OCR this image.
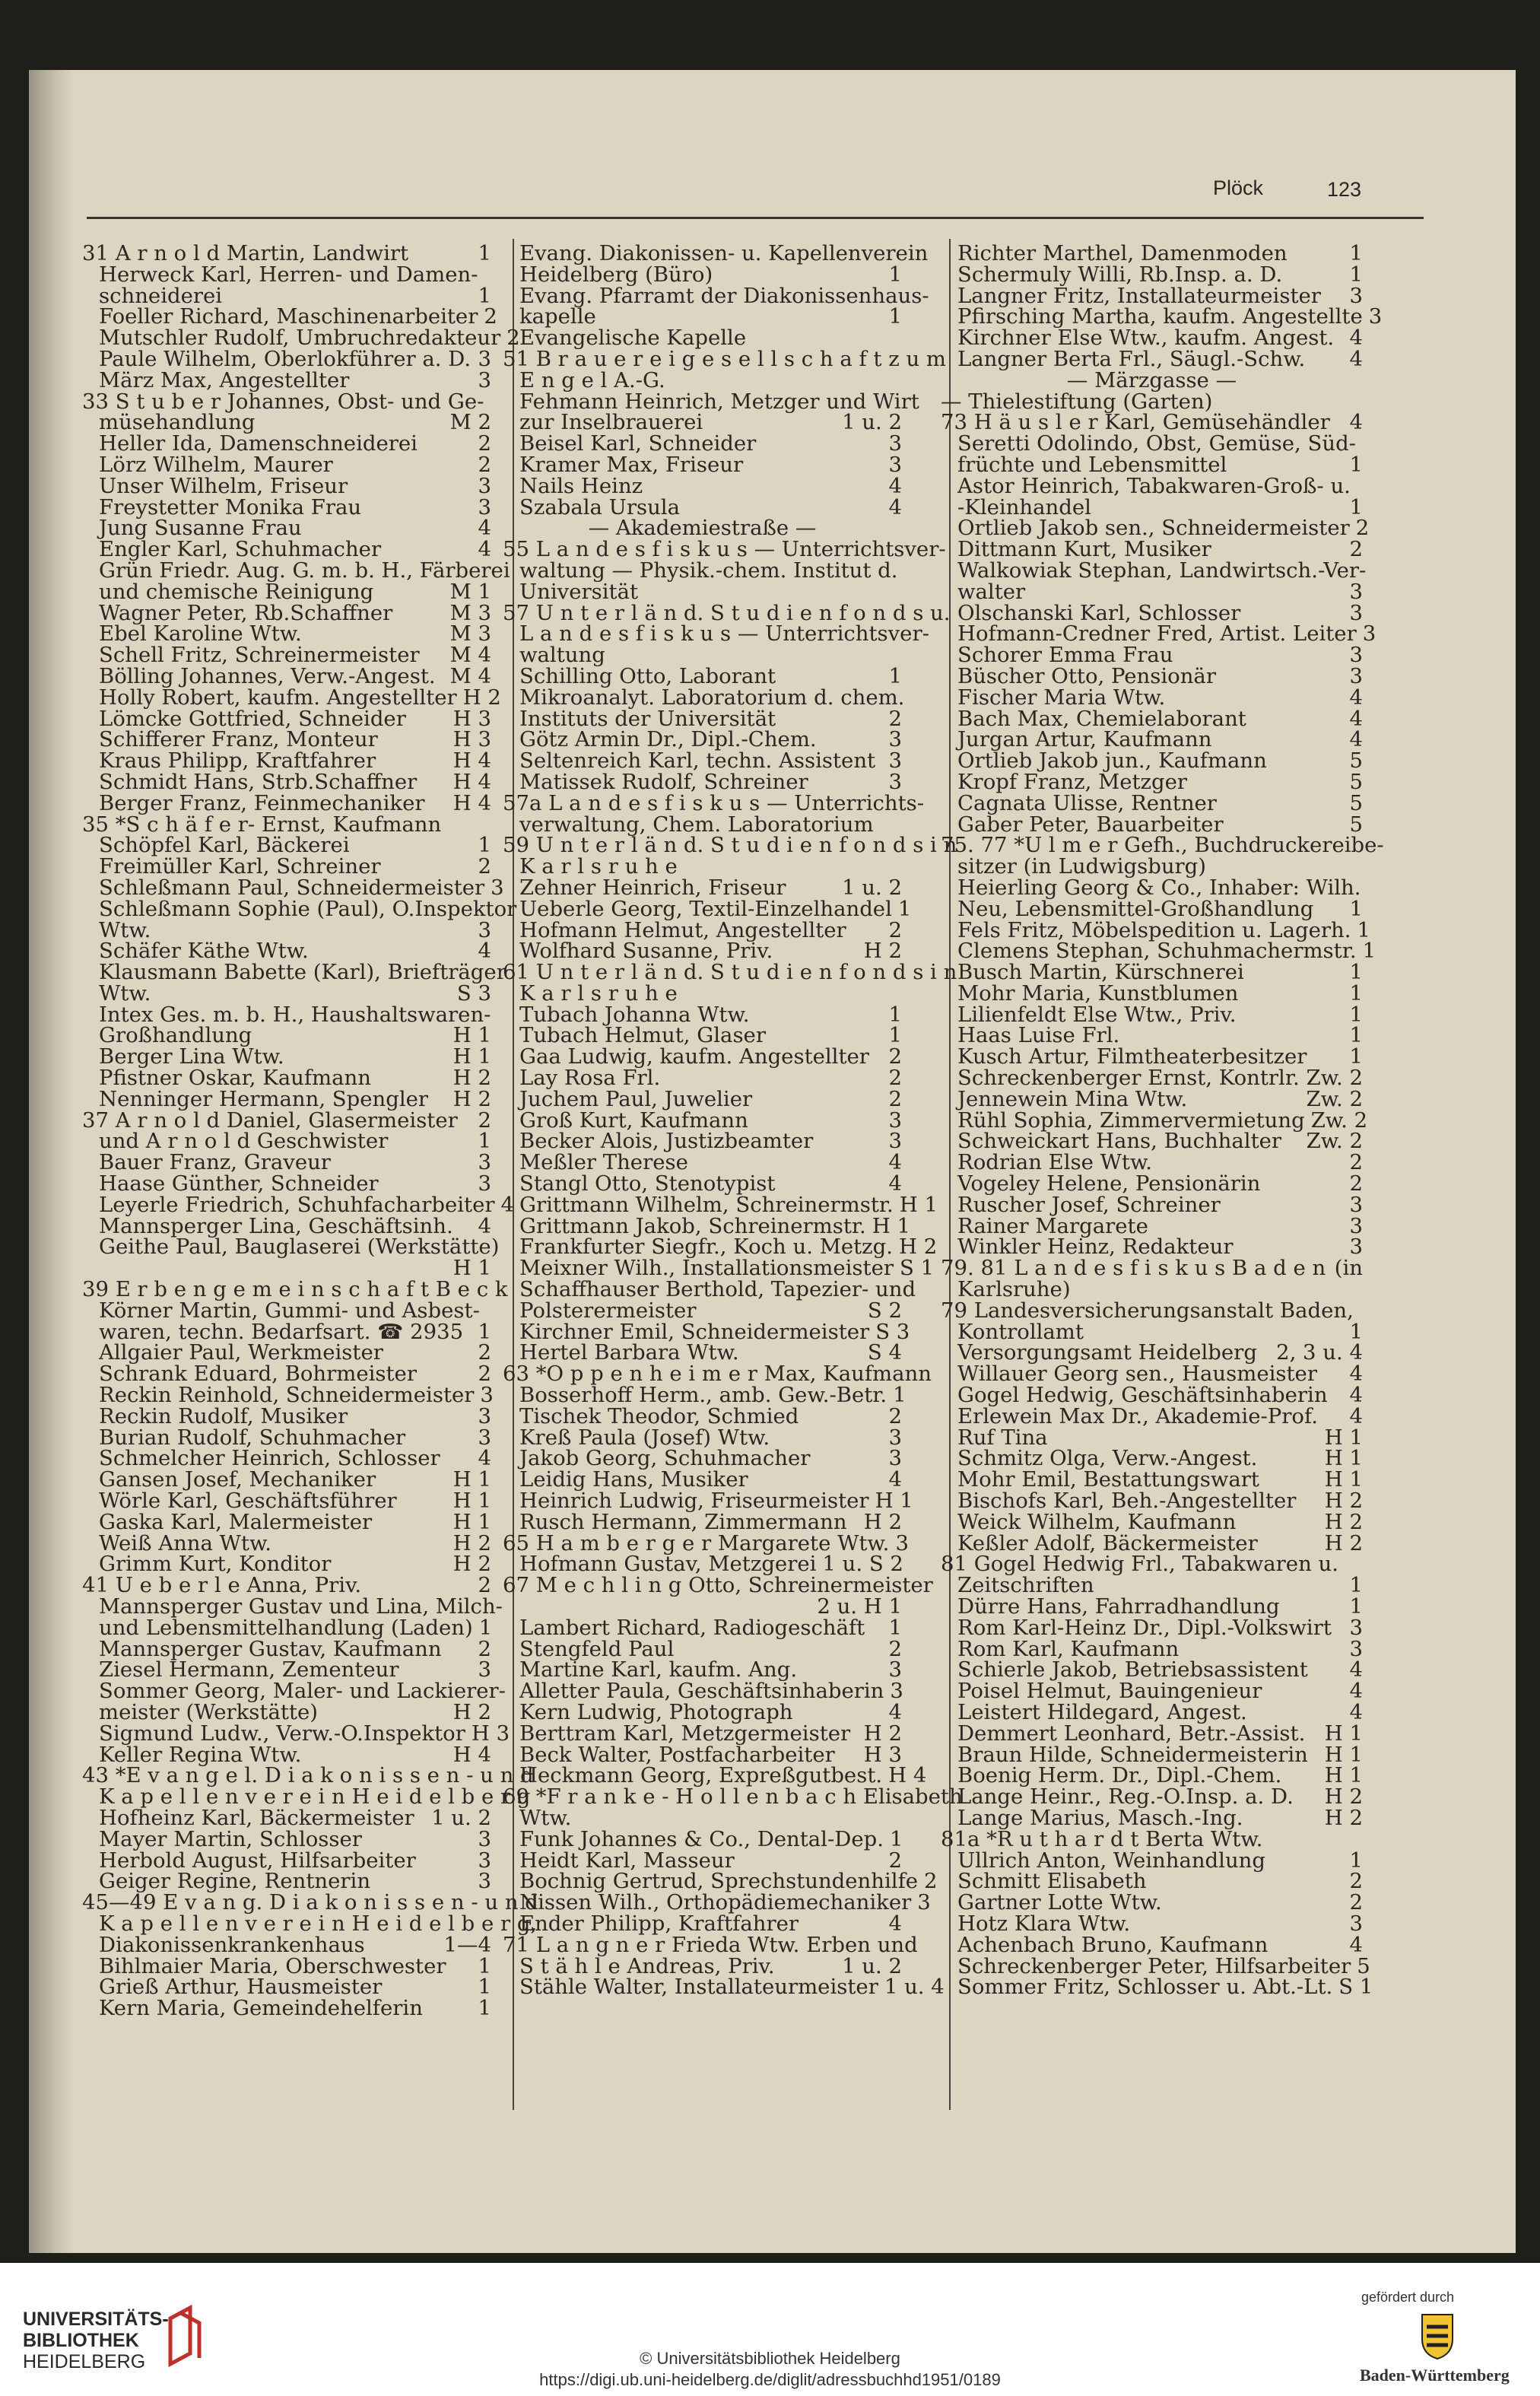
Plöck	123
31 A r n o l d Martin, Landwirt	1
Herweck Karl, Herren- und Damen-
schneiderei	1
Foeller Richard, Maschinenarbeiter 2
Mutschler Rudolf, Umbruchredakteur 2
Paule Wilhelm, Oberlokführer a. D. 3
März Max, Angestellter	3
33 S t u b e r Johannes, Obst- und Ge-
müsehandlung	M 2
Heller Ida, Damenschneiderei	2
Lörz Wilhelm, Maurer	2
Unser Wilhelm, Friseur	3
Freystetter Monika Frau	3
Jung Susanne Frau	4
Engler Karl, Schuhmacher	4
Grün Friedr. Aug. G. m. b. H., Färberei
und chemische Reinigung	M 1
Wagner Peter, Rb.Schaffner	M 3
Ebel Karoline Wtw.	M 3
Schell Fritz, Schreinermeister	M 4
Bölling Johannes, Verw.-Angest. M 4
Holly Robert, kaufm. Angestellter H 2
Lömcke Gottfried, Schneider	H 3
Schifferer Franz, Monteur	H 3
Kraus Philipp, Kraftfahrer	H 4
Schmidt Hans, Strb.Schaffner	H 4
Berger Franz, Feinmechaniker	H 4
35 *S c h ä f e r- Ernst, Kaufmann
Schöpfel Karl, Bäckerei	1
Freimüller Karl, Schreiner	2
Schleßmann Paul, Schneidermeister 3
Schleßmann Sophie (Paul), O.Inspektor
Wtw.	3
Schäfer Käthe Wtw.	4
Klausmann Babette (Karl), Briefträger
Wtw.	S 3
Intex Ges. m. b. H., Haushaltswaren-
Großhandlung	H 1
Berger Lina Wtw.	H 1
Pfistner Oskar, Kaufmann	H 2
Nenninger Hermann, Spengler	H 2
37 A r n o l d Daniel, Glasermeister 2
und A r n o l d Geschwister	1
Bauer Franz, Graveur	3
Haase Günther, Schneider	3
Leyerle Friedrich, Schuhfacharbeiter 4
Mannsperger Lina, Geschäftsinh.	4
Geithe Paul, Bauglaserei (Werkstätte)
H 1
39 E r b e n g e m e i n s c h a f t B e c k
Körner Martin, Gummi- und Asbest-
waren, techn. Bedarfsart. ☎ 2935 1
Allgaier Paul, Werkmeister	2
Schrank Eduard, Bohrmeister	2
Reckin Reinhold, Schneidermeister 3
Reckin Rudolf, Musiker	3
Burian Rudolf, Schuhmacher	3
Schmelcher Heinrich, Schlosser	4
Gansen Josef, Mechaniker	H 1
Wörle Karl, Geschäftsführer	H 1
Gaska Karl, Malermeister	H 1
Weiß Anna Wtw.	H 2
Grimm Kurt, Konditor	H 2
41 U e b e r l e Anna, Priv.	2
Mannsperger Gustav und Lina, Milch-
und Lebensmittelhandlung (Laden) 1
Mannsperger Gustav, Kaufmann	2
Ziesel Hermann, Zementeur	3
Sommer Georg, Maler- und Lackierer-
meister (Werkstätte)	H 2
Sigmund Ludw., Verw.-O.Inspektor H 3
Keller Regina Wtw.	H 4
43 *E v a n g e l. D i a k o n i s s e n - u n d
K a p e l l e n v e r e i n H e i d e l b e r g
Hofheinz Karl, Bäckermeister 1 u. 2
Mayer Martin, Schlosser	3
Herbold August, Hilfsarbeiter	3
Geiger Regine, Rentnerin	3
45—49 E v a n g. D i a k o n i s s e n - u n d
K a p e l l e n v e r e i n H e i d e l b e r g,
Diakonissenkrankenhaus	1—4
Bihlmaier Maria, Oberschwester	1
Grieß Arthur, Hausmeister	1
Kern Maria, Gemeindehelferin	1
Evang. Diakonissen- u. Kapellenverein
Heidelberg (Büro)	1
Evang. Pfarramt der Diakonissenhaus-
kapelle	1
Evangelische Kapelle
51 B r a u e r e i g e s e l l s c h a f t z u m
E n g e l A.-G.
Fehmann Heinrich, Metzger und Wirt
zur Inselbrauerei	1 u. 2
Beisel Karl, Schneider	3
Kramer Max, Friseur	3
Nails Heinz	4
Szabala Ursula	4
— Akademiestraße —
55 L a n d e s f i s k u s — Unterrichtsver-
waltung — Physik.-chem. Institut d.
Universität
57 U n t e r l ä n d. S t u d i e n f o n d s u.
L a n d e s f i s k u s — Unterrichtsver-
waltung
Schilling Otto, Laborant	1
Mikroanalyt. Laboratorium d. chem.
Instituts der Universität	2
Götz Armin Dr., Dipl.-Chem.	3
Seltenreich Karl, techn. Assistent 3
Matissek Rudolf, Schreiner	3
57a L a n d e s f i s k u s — Unterrichts-
verwaltung, Chem. Laboratorium
59 U n t e r l ä n d. S t u d i e n f o n d s i n
K a r l s r u h e
Zehner Heinrich, Friseur	1 u. 2
Ueberle Georg, Textil-Einzelhandel 1
Hofmann Helmut, Angestellter	2
Wolfhard Susanne, Priv.	H 2
61 U n t e r l ä n d. S t u d i e n f o n d s i n
K a r l s r u h e
Tubach Johanna Wtw.	1
Tubach Helmut, Glaser	1
Gaa Ludwig, kaufm. Angestellter 2
Lay Rosa Frl.	2
Juchem Paul, Juwelier	2
Groß Kurt, Kaufmann	3
Becker Alois, Justizbeamter	3
Meßler Therese	4
Stangl Otto, Stenotypist	4
Grittmann Wilhelm, Schreinermstr. H 1
Grittmann Jakob, Schreinermstr. H 1
Frankfurter Siegfr., Koch u. Metzg. H 2
Meixner Wilh., Installationsmeister S 1
Schaffhauser Berthold, Tapezier- und
Polsterermeister	S 2
Kirchner Emil, Schneidermeister S 3
Hertel Barbara Wtw.	S 4
63 *O p p e n h e i m e r Max, Kaufmann
Bosserhoff Herm., amb. Gew.-Betr. 1
Tischek Theodor, Schmied	2
Kreß Paula (Josef) Wtw.	3
Jakob Georg, Schuhmacher	3
Leidig Hans, Musiker	4
Heinrich Ludwig, Friseurmeister H 1
Rusch Hermann, Zimmermann H 2
65 H a m b e r g e r Margarete Wtw. 3
Hofmann Gustav, Metzgerei 1 u. S 2
67 M e c h l i n g Otto, Schreinermeister
2 u. H 1
Lambert Richard, Radiogeschäft	1
Stengfeld Paul	2
Martine Karl, kaufm. Ang.	3
Alletter Paula, Geschäftsinhaberin 3
Kern Ludwig, Photograph	4
Berttram Karl, Metzgermeister H 2
Beck Walter, Postfacharbeiter	H 3
Heckmann Georg, Expreßgutbest. H 4
69 *F r a n k e - H o l l e n b a c h Elisabeth
Wtw.
Funk Johannes & Co., Dental-Dep. 1
Heidt Karl, Masseur	2
Bochnig Gertrud, Sprechstundenhilfe 2
Nissen Wilh., Orthopädiemechaniker 3
Ender Philipp, Kraftfahrer	4
71 L a n g n e r Frieda Wtw. Erben und
S t ä h l e Andreas, Priv.	1 u. 2
Stähle Walter, Installateurmeister 1 u. 4
Richter Marthel, Damenmoden	1
Schermuly Willi, Rb.Insp. a. D.	1
Langner Fritz, Installateurmeister	3
Pfirsching Martha, kaufm. Angestellte 3
Kirchner Else Wtw., kaufm. Angest. 4
Langner Berta Frl., Säugl.-Schw.	4
— Märzgasse —
— Thielestiftung (Garten)
73 H ä u s l e r Karl, Gemüsehändler 4
Seretti Odolindo, Obst, Gemüse, Süd-
früchte und Lebensmittel	1
Astor Heinrich, Tabakwaren-Groß- u.
-Kleinhandel	1
Ortlieb Jakob sen., Schneidermeister 2
Dittmann Kurt, Musiker	2
Walkowiak Stephan, Landwirtsch.-Ver-
walter	3
Olschanski Karl, Schlosser	3
Hofmann-Credner Fred, Artist. Leiter 3
Schorer Emma Frau	3
Büscher Otto, Pensionär	3
Fischer Maria Wtw.	4
Bach Max, Chemielaborant	4
Jurgan Artur, Kaufmann	4
Ortlieb Jakob jun., Kaufmann	5
Kropf Franz, Metzger	5
Cagnata Ulisse, Rentner	5
Gaber Peter, Bauarbeiter	5
75. 77 *U l m e r Gefh., Buchdruckereibe-
sitzer (in Ludwigsburg)
Heierling Georg & Co., Inhaber: Wilh.
Neu, Lebensmittel-Großhandlung	1
Fels Fritz, Möbelspedition u. Lagerh. 1
Clemens Stephan, Schuhmachermstr. 1
Busch Martin, Kürschnerei	1
Mohr Maria, Kunstblumen	1
Lilienfeldt Else Wtw., Priv.	1
Haas Luise Frl.	1
Kusch Artur, Filmtheaterbesitzer	1
Schreckenberger Ernst, Kontrlr. Zw. 2
Jennewein Mina Wtw.	Zw. 2
Rühl Sophia, Zimmervermietung Zw. 2
Schweickart Hans, Buchhalter	Zw. 2
Rodrian Else Wtw.	2
Vogeley Helene, Pensionärin	2
Ruscher Josef, Schreiner	3
Rainer Margarete	3
Winkler Heinz, Redakteur	3
79. 81 L a n d e s f i s k u s B a d e n (in
Karlsruhe)
79 Landesversicherungsanstalt Baden,
Kontrollamt	1
Versorgungsamt Heidelberg 2, 3 u. 4
Willauer Georg sen., Hausmeister	4
Gogel Hedwig, Geschäftsinhaberin	4
Erlewein Max Dr., Akademie-Prof.	4
Ruf Tina	H 1
Schmitz Olga, Verw.-Angest.	H 1
Mohr Emil, Bestattungswart	H 1
Bischofs Karl, Beh.-Angestellter	H 2
Weick Wilhelm, Kaufmann	H 2
Keßler Adolf, Bäckermeister	H 2
81 Gogel Hedwig Frl., Tabakwaren u.
Zeitschriften	1
Dürre Hans, Fahrradhandlung	1
Rom Karl-Heinz Dr., Dipl.-Volkswirt 3
Rom Karl, Kaufmann	3
Schierle Jakob, Betriebsassistent	4
Poisel Helmut, Bauingenieur	4
Leistert Hildegard, Angest.	4
Demmert Leonhard, Betr.-Assist. H 1
Braun Hilde, Schneidermeisterin H 1
Boenig Herm. Dr., Dipl.-Chem.	H 1
Lange Heinr., Reg.-O.Insp. a. D.	H 2
Lange Marius, Masch.-Ing.	H 2
81a *R u t h a r d t Berta Wtw.
Ullrich Anton, Weinhandlung	1
Schmitt Elisabeth	2
Gartner Lotte Wtw.	2
Hotz Klara Wtw.	3
Achenbach Bruno, Kaufmann	4
Schreckenberger Peter, Hilfsarbeiter 5
Sommer Fritz, Schlosser u. Abt.-Lt. S 1
UNIVERSITÄTS-
BIBLIOTHEK
HEIDELBERG	© Universitätsbibliothek Heidelberg
https://digi.ub.uni-heidelberg.de/diglit/adressbuchhd1951/0189
gefördert durch
Baden-Württemberg
